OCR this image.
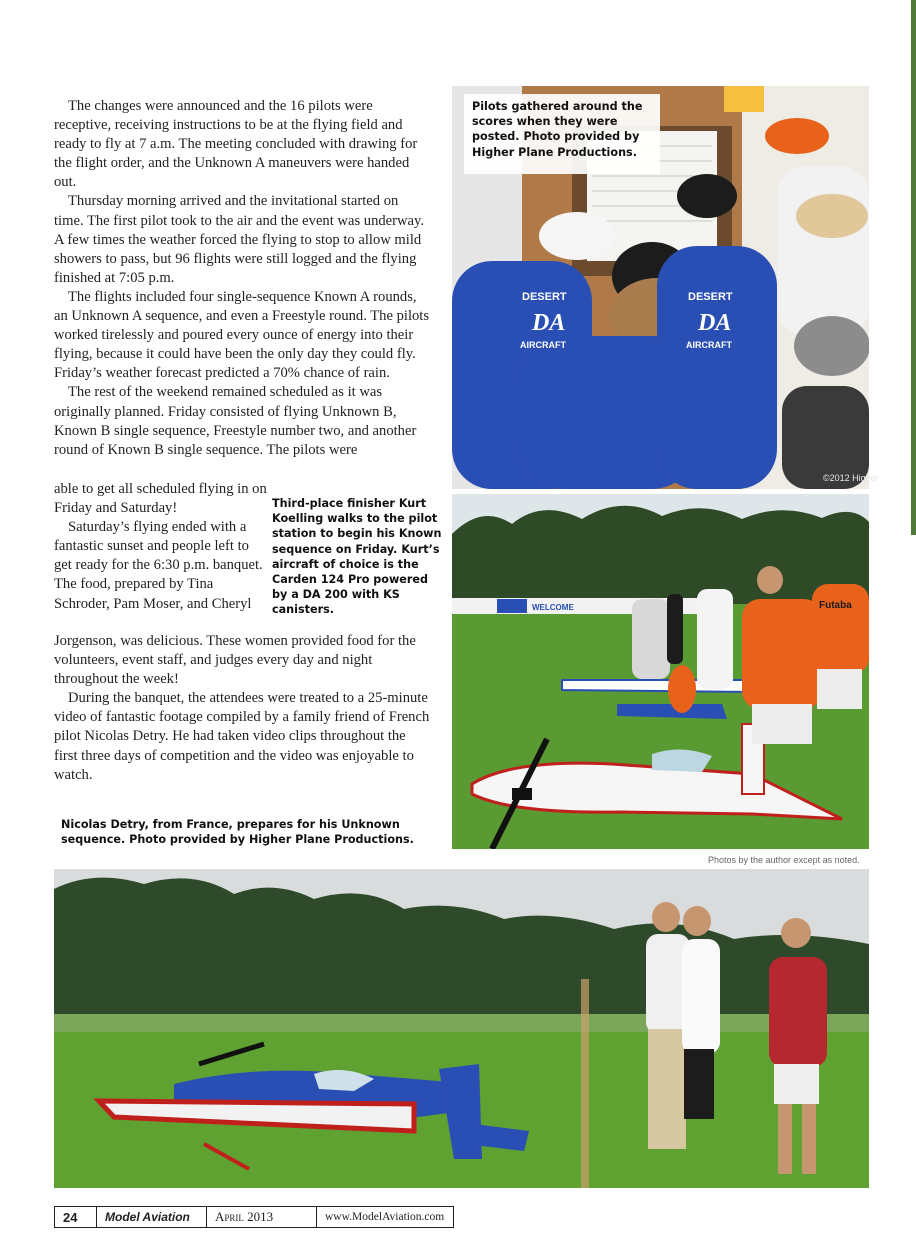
The changes were announced and the 16 pilots were receptive, receiving instructions to be at the flying field and ready to fly at 7 a.m. The meeting concluded with drawing for the flight order, and the Unknown A maneuvers were handed out.

Thursday morning arrived and the invitational started on time. The first pilot took to the air and the event was underway. A few times the weather forced the flying to stop to allow mild showers to pass, but 96 flights were still logged and the flying finished at 7:05 p.m.

The flights included four single-sequence Known A rounds, an Unknown A sequence, and even a Freestyle round. The pilots worked tirelessly and poured every ounce of energy into their flying, because it could have been the only day they could fly. Friday’s weather forecast predicted a 70% chance of rain.

The rest of the weekend remained scheduled as it was originally planned. Friday consisted of flying Unknown B, Known B single sequence, Freestyle number two, and another round of Known B single sequence. The pilots were

able to get all scheduled flying in on Friday and Saturday!

Saturday’s flying ended with a fantastic sunset and people left to get ready for the 6:30 p.m. banquet. The food, prepared by Tina Schroder, Pam Moser, and Cheryl

Jorgenson, was delicious. These women provided food for the volunteers, event staff, and judges every day and night throughout the week!

During the banquet, the attendees were treated to a 25-minute video of fantastic footage compiled by a family friend of French pilot Nicolas Detry. He had taken video clips throughout the first three days of competition and the video was enjoyable to watch.

DESERT
DA
AIRCRAFT
DESERT
DA
AIRCRAFT
Pilots gathered around the scores when they were posted. Photo provided by Higher Plane Productions.
©2012 Higher
WELCOME	Futaba
Third-place finisher Kurt Koelling walks to the pilot station to begin his Known sequence on Friday. Kurt’s aircraft of choice is the Carden 124 Pro powered by a DA 200 with KS canisters.
Nicolas Detry, from France, prepares for his Unknown sequence. Photo provided by Higher Plane Productions.
Photos by the author except as noted.
24	Model Aviation	April 2013	www.ModelAviation.com
